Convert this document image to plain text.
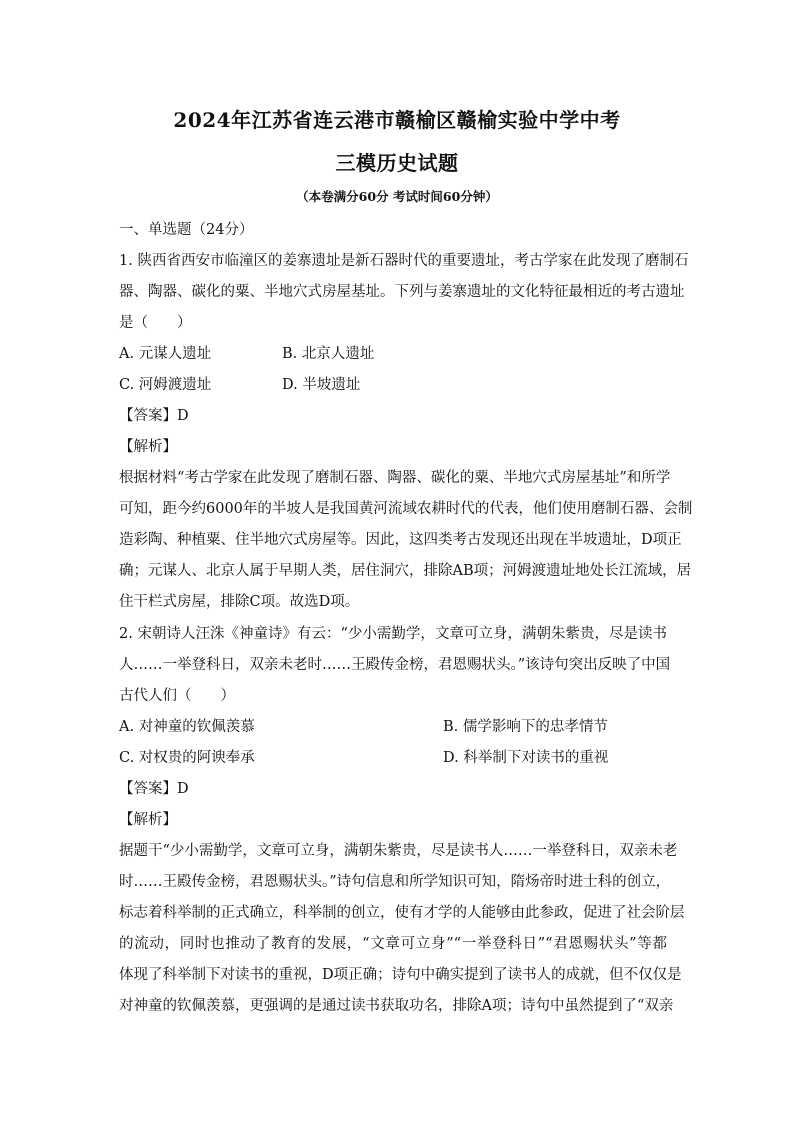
2024年江苏省连云港市赣榆区赣榆实验中学中考
三模历史试题
（本卷满分60分 考试时间60分钟）
一、单选题（24分）
1. 陕西省西安市临潼区的姜寨遗址是新石器时代的重要遗址，考古学家在此发现了磨制石
器、陶器、碳化的粟、半地穴式房屋基址。下列与姜寨遗址的文化特征最相近的考古遗址
是（　　）
A. 元谋人遗址	B. 北京人遗址
C. 河姆渡遗址	D. 半坡遗址
【答案】D
【解析】
根据材料“考古学家在此发现了磨制石器、陶器、碳化的粟、半地穴式房屋基址”和所学
可知，距今约6000年的半坡人是我国黄河流域农耕时代的代表，他们使用磨制石器、会制
造彩陶、种植粟、住半地穴式房屋等。因此，这四类考古发现还出现在半坡遗址，D项正
确；元谋人、北京人属于早期人类，居住洞穴，排除AB项；河姆渡遗址地处长江流域，居
住干栏式房屋，排除C项。故选D项。
2. 宋朝诗人汪洙《神童诗》有云：“少小需勤学，文章可立身，满朝朱紫贵，尽是读书
人……一举登科日，双亲未老时……王殿传金榜，君恩赐状头。”该诗句突出反映了中国
古代人们（　　）
A. 对神童的钦佩羡慕	B. 儒学影响下的忠孝情节
C. 对权贵的阿谀奉承	D. 科举制下对读书的重视
【答案】D
【解析】
据题干“少小需勤学，文章可立身，满朝朱紫贵，尽是读书人……一举登科日，双亲未老
时……王殿传金榜，君恩赐状头。”诗句信息和所学知识可知，隋炀帝时进士科的创立，
标志着科举制的正式确立，科举制的创立，使有才学的人能够由此参政，促进了社会阶层
的流动，同时也推动了教育的发展，“文章可立身”“一举登科日”“君恩赐状头”等都
体现了科举制下对读书的重视，D项正确；诗句中确实提到了读书人的成就，但不仅仅是
对神童的钦佩羡慕，更强调的是通过读书获取功名，排除A项；诗句中虽然提到了“双亲
